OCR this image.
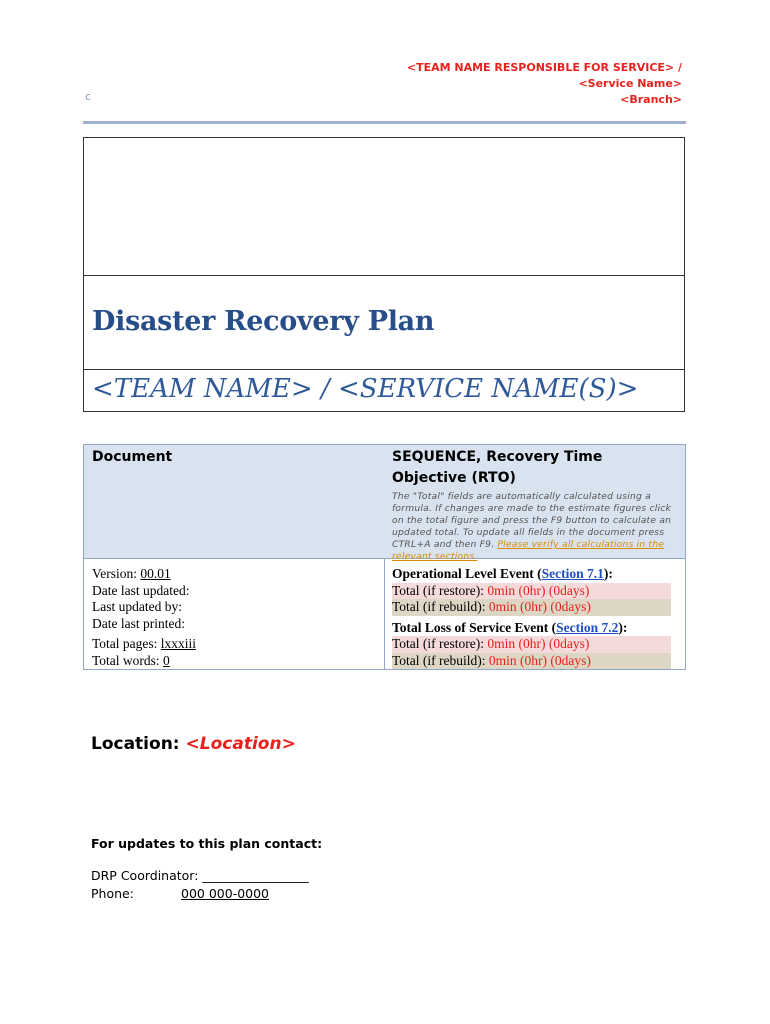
<TEAM NAME RESPONSIBLE FOR SERVICE> /
<Service Name>
<Branch>
c
Disaster Recovery Plan
<TEAM NAME> / <SERVICE NAME(S)>
Document
Version: 00.01
Date last updated:
Last updated by:
Date last printed:
Total pages: lxxxiii
Total words: 0
SEQUENCE, Recovery Time Objective (RTO)
The "Total" fields are automatically calculated using a formula. If changes are made to the estimate figures click on the total figure and press the F9 button to calculate an updated total. To update all fields in the document press CTRL+A and then F9. Please verify all calculations in the relevant sections.
Operational Level Event (Section 7.1):
Total (if restore): 0min (0hr) (0days)
Total (if rebuild): 0min (0hr) (0days)
Total Loss of Service Event (Section 7.2):
Total (if restore): 0min (0hr) (0days)
Total (if rebuild): 0min (0hr) (0days)
Location: <Location>
For updates to this plan contact:
DRP Coordinator: _________________
Phone:	000 000-0000
